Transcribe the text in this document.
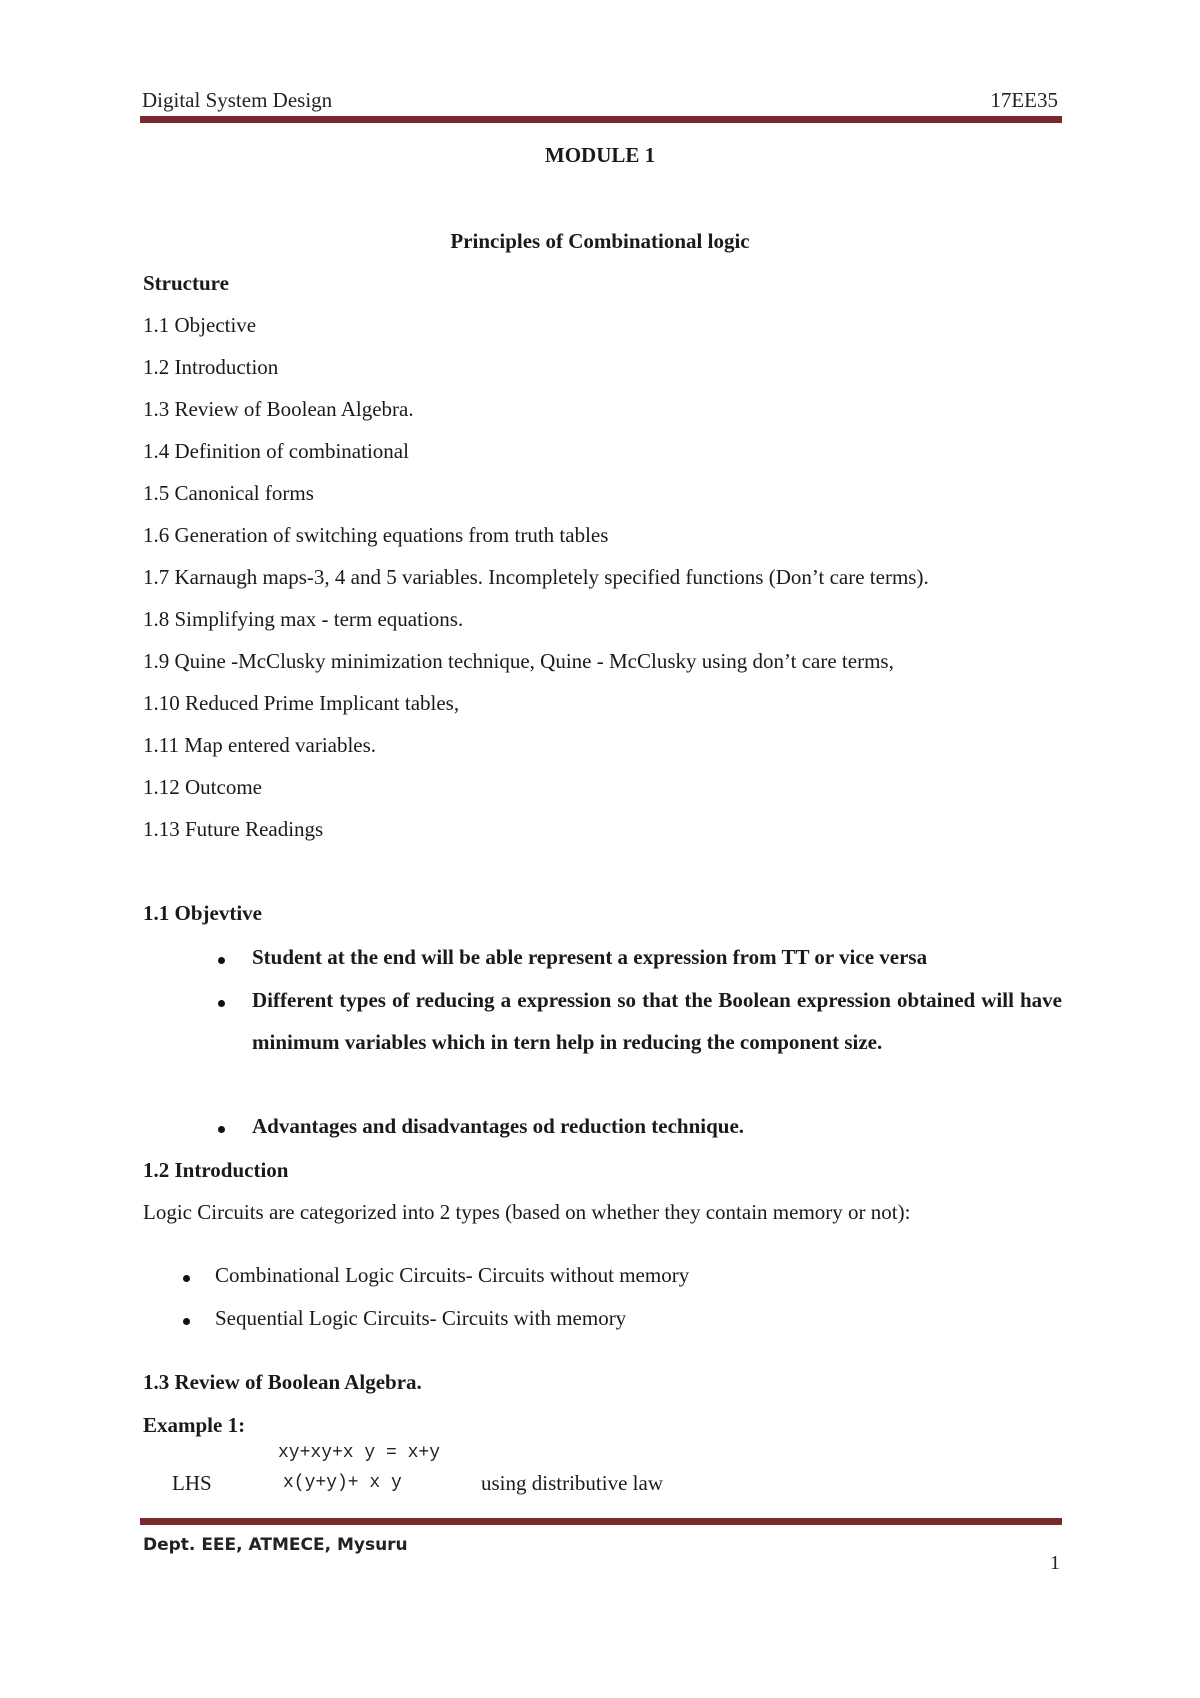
Digital System Design	17EE35
MODULE 1
Principles of Combinational logic
Structure
1.1 Objective
1.2 Introduction
1.3 Review of Boolean Algebra.
1.4 Definition of combinational
1.5 Canonical forms
1.6 Generation of switching equations from truth tables
1.7 Karnaugh maps-3, 4 and 5 variables. Incompletely specified functions (Don’t care terms).
1.8 Simplifying max - term equations.
1.9 Quine -McClusky minimization technique, Quine - McClusky using don’t care terms,
1.10 Reduced Prime Implicant tables,
1.11 Map entered variables.
1.12 Outcome
1.13 Future Readings
1.1 Objevtive
Student at the end will be able represent a expression from TT or vice versa
Different types of reducing a expression so that the Boolean expression obtained will have minimum variables which in tern help in reducing the component size.
Advantages and disadvantages od reduction technique.
1.2 Introduction
Logic Circuits are categorized into 2 types (based on whether they contain memory or not):
Combinational Logic Circuits- Circuits without memory
Sequential Logic Circuits- Circuits with memory
1.3 Review of Boolean Algebra.
Example 1:
xy+xy+x y = x+y
LHS	x(y+y)+ x y	using distributive law
Dept. EEE, ATMECE, Mysuru
1
